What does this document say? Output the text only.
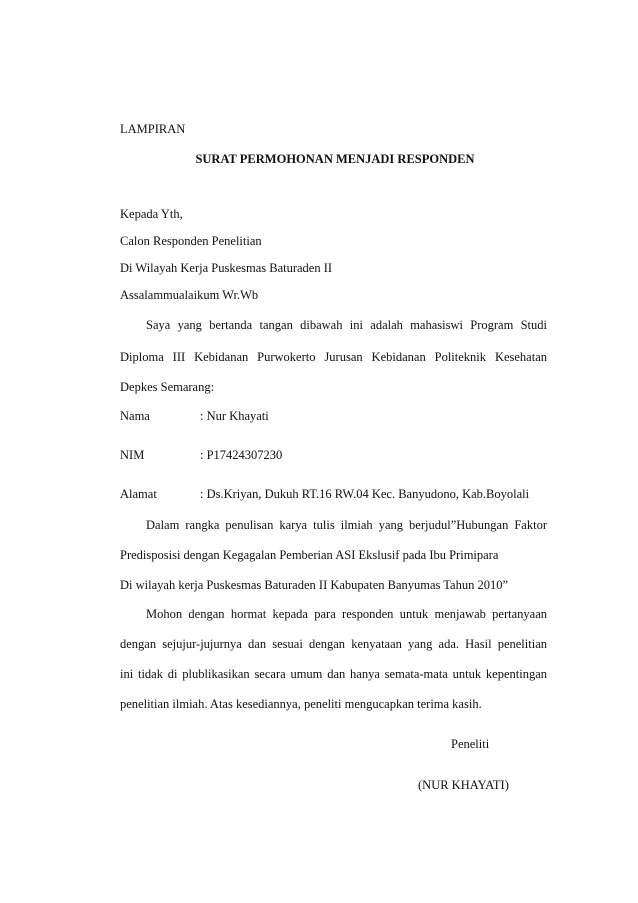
LAMPIRAN
SURAT PERMOHONAN MENJADI RESPONDEN
Kepada Yth,
Calon Responden Penelitian
Di Wilayah Kerja Puskesmas Baturaden II
Assalammualaikum Wr.Wb
Saya yang bertanda tangan dibawah ini adalah mahasiswi Program Studi
Diploma III Kebidanan Purwokerto Jurusan Kebidanan Politeknik Kesehatan
Depkes Semarang:
Nama	: Nur Khayati
NIM	: P17424307230
Alamat	: Ds.Kriyan, Dukuh RT.16 RW.04 Kec. Banyudono, Kab.Boyolali
Dalam rangka penulisan karya tulis ilmiah yang berjudul”Hubungan Faktor
Predisposisi dengan Kegagalan Pemberian ASI Ekslusif pada Ibu Primipara
Di wilayah kerja Puskesmas Baturaden II Kabupaten Banyumas Tahun 2010”
Mohon dengan hormat kepada para responden untuk menjawab pertanyaan
dengan sejujur-jujurnya dan sesuai dengan kenyataan yang ada. Hasil penelitian
ini tidak di plublikasikan secara umum dan hanya semata-mata untuk kepentingan
penelitian ilmiah. Atas kesediannya, peneliti mengucapkan terima kasih.
Peneliti
(NUR KHAYATI)
